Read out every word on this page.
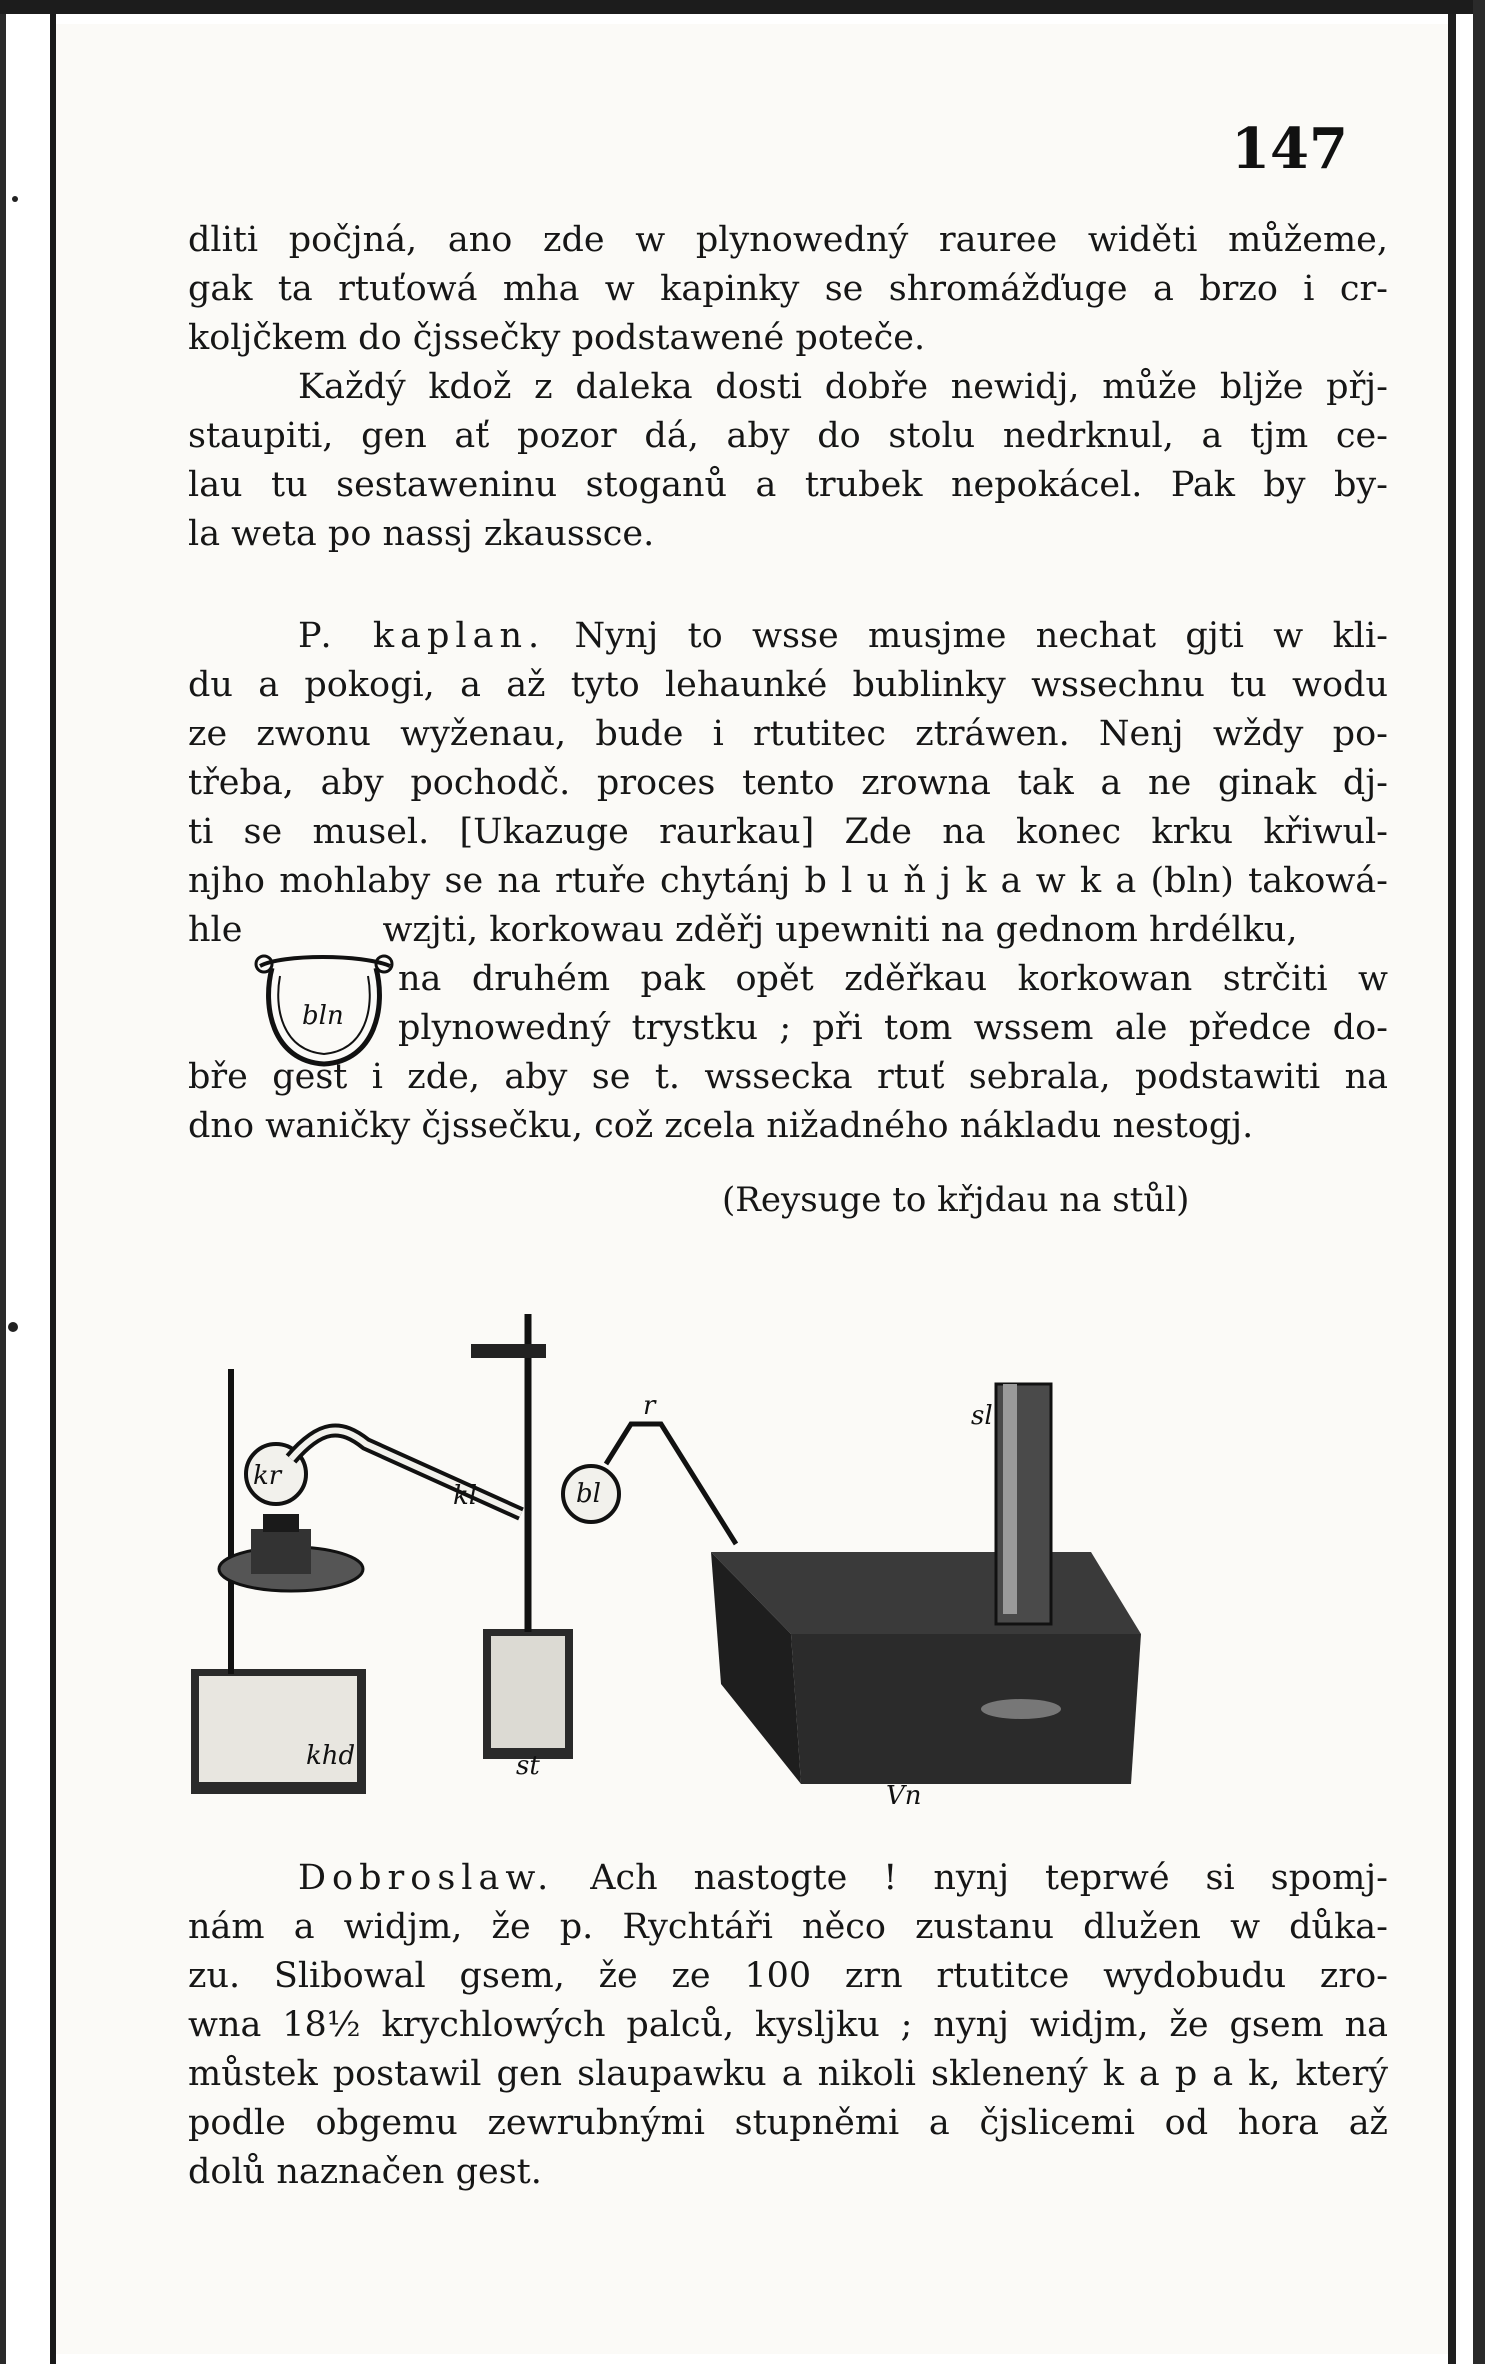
147
dliti počjná, ano zde w plynowedný rauree widěti můžeme,
gak ta rtuťowá mha w kapinky se shromážďuge a brzo i cr-
koljčkem do čjssečky podstawené poteče.
Každý kdož z daleka dosti dobře newidj, může bljže přj-
staupiti, gen ať pozor dá, aby do stolu nedrknul, a tjm ce-
lau tu sestaweninu stoganů a trubek nepokácel. Pak by by-
la weta po nassj zkaussce.
P. kaplan. Nynj to wsse musjme nechat gjti w kli-
du a pokogi, a až tyto lehaunké bublinky wssechnu tu wodu
ze zwonu wyženau, bude i rtutitec ztráwen. Nenj wždy po-
třeba, aby pochodč. proces tento zrowna tak a ne ginak dj-
ti se musel. [Ukazuge raurkau] Zde na konec krku křiwul-
njho mohlaby se na rtuře chytánj b l u ň j k a w k a (bln) takowá-
hle	wzjti, korkowau zděřj upewniti na gednom hrdélku,
na druhém pak opět zděřkau korkowan strčiti w
plynowedný trystku ; při tom wssem ale předce do-
bře gest i zde, aby se t. wssecka rtuť sebrala, podstawiti na
dno waničky čjssečku, což zcela nižadného nákladu nestogj.
bln
(Reysuge to křjdau na stůl)
kr
kl	bl
r
st
sl
khd
Vn
Dobroslaw. Ach nastogte ! nynj teprwé si spomj-
nám a widjm, že p. Rychtáři něco zustanu dlužen w důka-
zu. Slibowal gsem, že ze 100 zrn rtutitce wydobudu zro-
wna 18½ krychlowých palců, kysljku ; nynj widjm, že gsem na
můstek postawil gen slaupawku a nikoli sklenený k a p a k, který
podle obgemu zewrubnými stupněmi a čjslicemi od hora až
dolů naznačen gest.
